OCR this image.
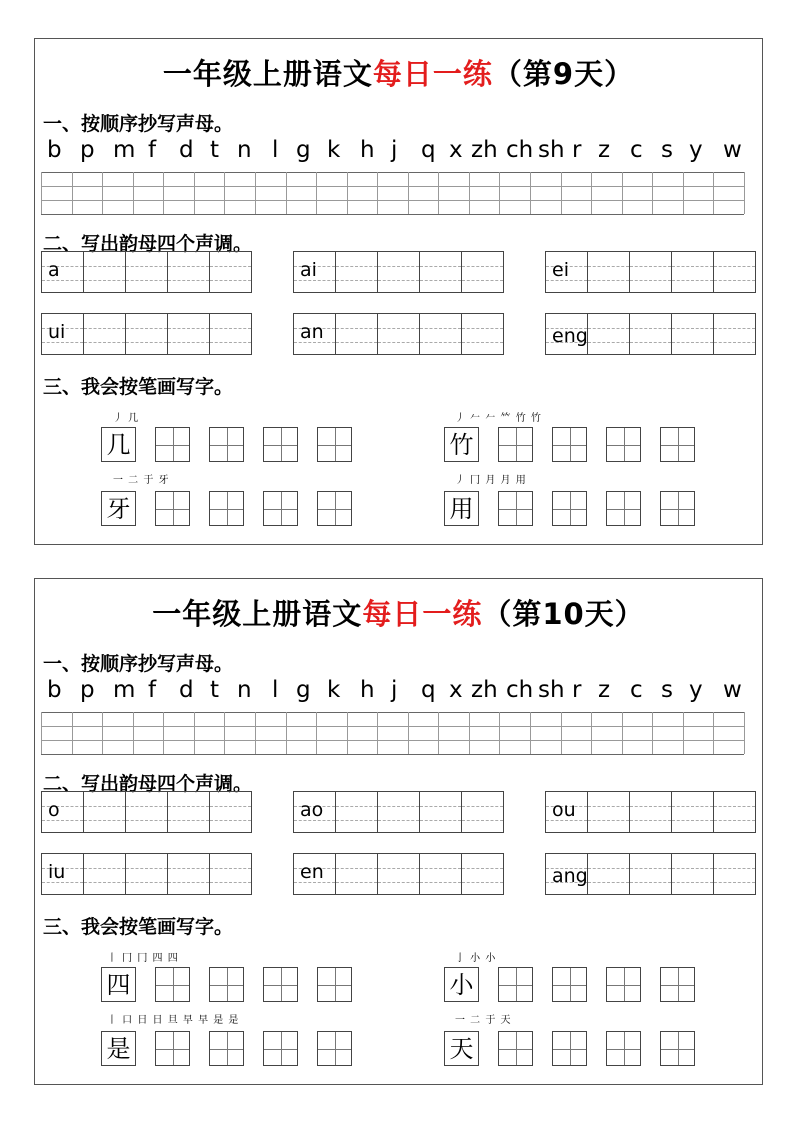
一年级上册语文每日一练（第9天）
一、按顺序抄写声母。
b p m f d t n l g k h j q x zh ch sh r z c s y w
二、写出韵母四个声调。
a	ai	ei
ui	an	eng
三、我会按笔画写字。
丿 几
几
丿 𠂉 𠂉 𥫗 竹 竹
竹
一 二 于 牙
牙
丿 冂 月 月 用
用
一年级上册语文每日一练（第10天）
一、按顺序抄写声母。
b p m f d t n l g k h j q x zh ch sh r z c s y w
二、写出韵母四个声调。
o	ao	ou
iu	en	ang
三、我会按笔画写字。
丨 冂 冂 四 四
四
亅 小 小
小
丨 口 日 日 旦 早 早 是 是
是
一 二 于 天
天
